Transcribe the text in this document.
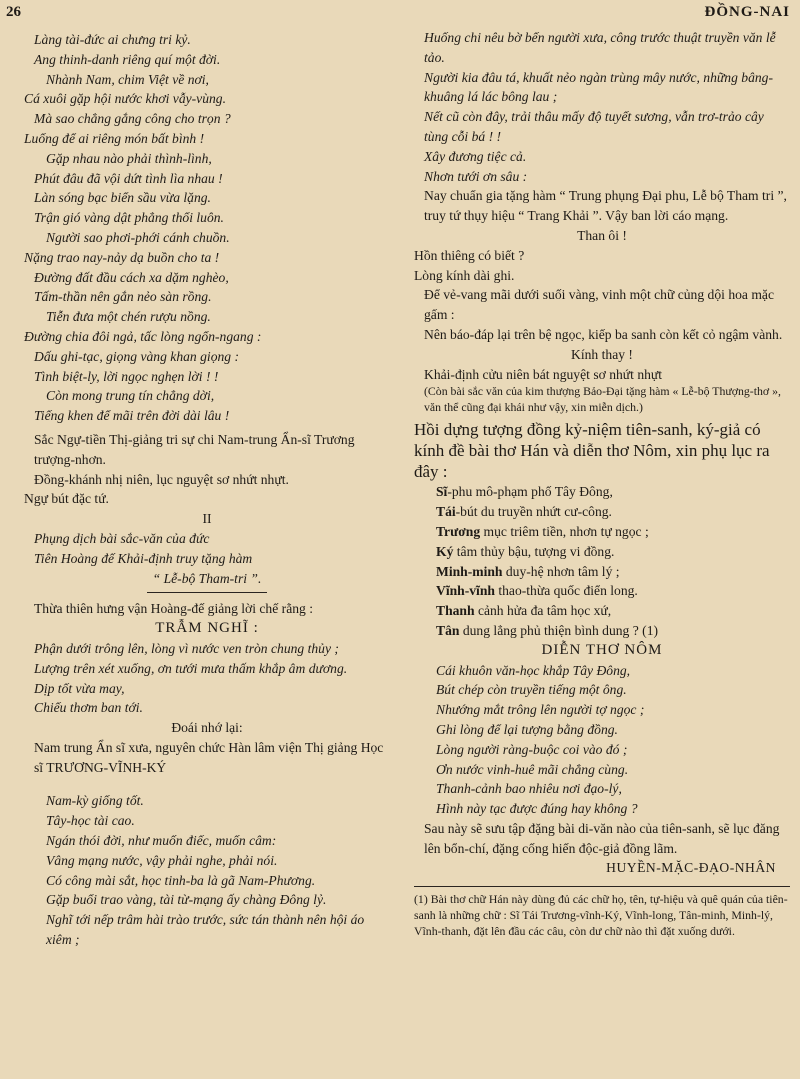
26	ĐỒNG-NAI

Làng tài-đức ai chưng tri kỷ.

Ang thinh-danh riêng quí một đời.

Nhành Nam, chim Việt về nơi,

Cá xuôi gặp hội nước khơi vẫy-vùng.

Mà sao chẳng gắng công cho trọn ?

Luống để ai riêng món bất bình !

Gặp nhau nào phải thình-lình,

Phút đâu đã vội dứt tình lìa nhau !

Làn sóng bạc biển sầu vừa lặng.

Trận gió vàng dật phẳng thổi luôn.

Người sao phơi-phới cánh chuồn.

Nặng trao nay-nảy dạ buồn cho ta !

Đường đất đầu cách xa dặm nghèo,

Tấm-thần nên gắn nẻo sàn rồng.

Tiễn đưa một chén rượu nồng.

Đường chia đôi ngả, tấc lòng ngổn-ngang :

Dấu ghi-tạc, giọng vàng khan giọng :

Tình biệt-ly, lời ngọc nghẹn lời ! !

Còn mong trung tín chẳng dời,

Tiếng khen để mãi trên đời dài lâu !

Sắc Ngự-tiền Thị-giảng tri sự chi Nam-trung Ẩn-sĩ Trương trượng-nhơn.

Đồng-khánh nhị niên, lục nguyệt sơ nhứt nhựt.

Ngự bút đặc tứ.

II

Phụng dịch bài sắc-văn của đức

Tiên Hoàng đế Khải-định truy tặng hàm

“ Lễ-bộ Tham-tri ”.

Thừa thiên hưng vận Hoàng-đế giảng lời chế rằng :

TRẪM NGHĨ :

Phận dưới trông lên, lòng vì nước ven tròn chung thủy ;

Lượng trên xét xuống, ơn tưới mưa thấm khắp âm dương.

Dịp tốt vừa may,

Chiếu thơm ban tới.

Đoái nhớ lại:

Nam trung Ẩn sĩ xưa, nguyên chức Hàn lâm viện Thị giảng Học sĩ TRƯƠNG-VĨNH-KÝ

Nam-kỳ giống tốt.

Tây-học tài cao.

Ngán thói đời, như muốn điếc, muốn câm:

Vâng mạng nước, vậy phải nghe, phải nói.

Có công mài sắt, học tinh-ba là gã Nam-Phương.

Gặp buổi trao vàng, tài từ-mạng ấy chàng Đông lỷ.

Nghĩ tới nếp trâm hài trào trước, sức tán thành nên hội áo xiêm ;

Huống chi nêu bờ bến người xưa, công trước thuật truyền văn lễ tảo.

Người kia đâu tá, khuất nẻo ngàn trùng mây nước, những bâng-khuâng lá lác bông lau ;

Nết cũ còn đây, trải thâu mấy độ tuyết sương, vẫn trơ-trảo cây tùng cỗi bá ! !

Xây đương tiệc cả.

Nhơn tưới ơn sâu :

Nay chuẩn gia tặng hàm “ Trung phụng Đại phu, Lễ bộ Tham tri ”, truy tứ thụy hiệu “ Trang Khải ”. Vậy ban lời cáo mạng.

Than ôi !

Hồn thiêng có biết ?

Lòng kính dài ghi.

Để vẻ-vang mãi dưới suối vàng, vinh một chữ củng dội hoa mặc gấm :

Nên báo-đáp lại trên bệ ngọc, kiếp ba sanh còn kết cỏ ngậm vành.

Kính thay !

Khải-định cửu niên bát nguyệt sơ nhứt nhựt

(Còn bài sắc văn của kim thượng Bảo-Đại tặng hàm « Lễ-bộ Thượng-thơ », văn thể cũng đại khái như vậy, xin miễn dịch.)

Hồi dựng tượng đồng kỷ-niệm tiên-sanh, ký-giả có kính đề bài thơ Hán và diễn thơ Nôm, xin phụ lục ra đây :

Sĩ-phu mô-phạm phố Tây Đông,

Tái-bút du truyền nhứt cư-công.

Trương mục triêm tiền, nhơn tự ngọc ;

Ký tâm thủy bậu, tượng vi đồng.

Minh-minh duy-hệ nhơn tâm lý ;

Vĩnh-vĩnh thao-thừa quốc điển long.

Thanh cảnh hửa đa tâm học xứ,

Tân dung lẳng phủ thiện bình dung ? (1)

DIỄN THƠ NÔM

Cái khuôn văn-học khắp Tây Đông,

Bút chép còn truyền tiếng một ông.

Nhướng mắt trông lên người tợ ngọc ;

Ghi lòng để lại tượng bằng đồng.

Lòng người ràng-buộc coi vào đó ;

Ơn nước vinh-huê mãi chẳng cùng.

Thanh-cảnh bao nhiêu nơi đạo-lý,

Hình này tạc được đúng hay không ?

Sau này sẽ sưu tập đặng bài di-văn nào của tiên-sanh, sẽ lục đăng lên bổn-chí, đặng cống hiến độc-giả đồng lãm.

HUYỀN-MẶC-ĐẠO-NHÂN

(1) Bài thơ chữ Hán này dùng đủ các chữ họ, tên, tự-hiệu và quê quán của tiên-sanh là những chữ : Sĩ Tái Trương-vĩnh-Ký, Vĩnh-long, Tân-minh, Minh-lý, Vĩnh-thanh, đặt lên đầu các câu, còn dư chữ nào thì đặt xuống dưới.
